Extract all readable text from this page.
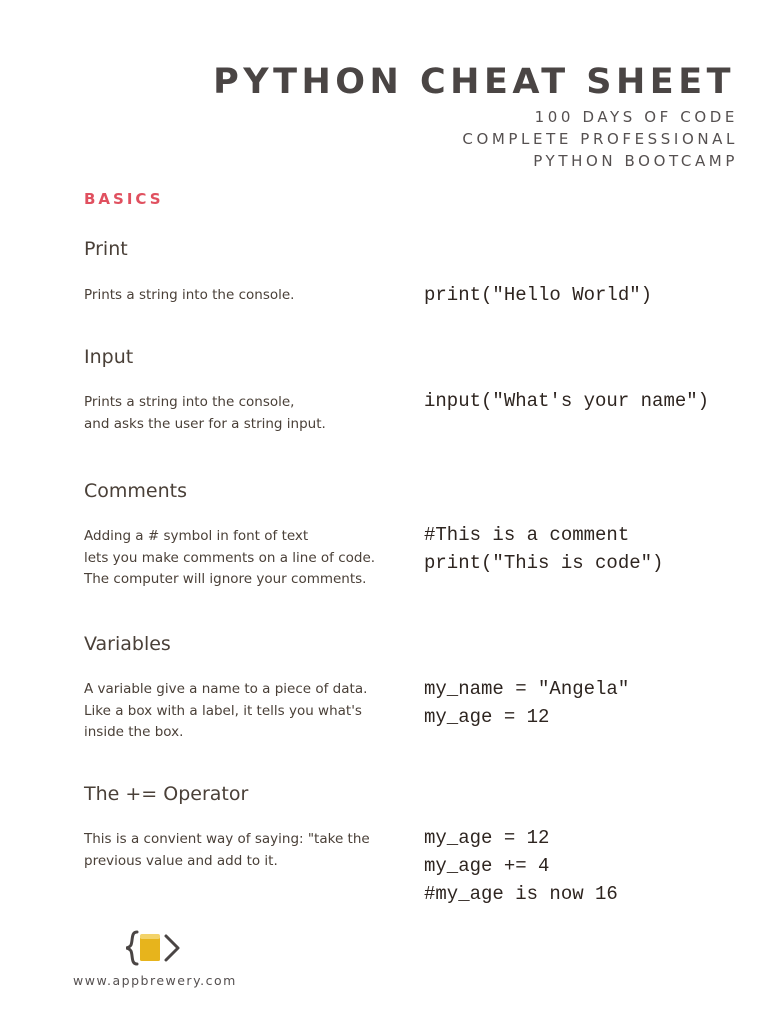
PYTHON CHEAT SHEET
100 DAYS OF CODE
COMPLETE PROFESSIONAL
PYTHON BOOTCAMP
BASICS
Print
Prints a string into the console.	print("Hello World")
Input
Prints a string into the console,
and asks the user for a string input.
input("What's your name")
Comments
Adding a # symbol in font of text
lets you make comments on a line of code.
The computer will ignore your comments.
#This is a comment
print("This is code")
Variables
A variable give a name to a piece of data.
Like a box with a label, it tells you what's
inside the box.
my_name = "Angela"
my_age = 12
The += Operator
This is a convient way of saying: "take the
previous value and add to it.
my_age = 12
my_age += 4
#my_age is now 16
www.appbrewery.com
